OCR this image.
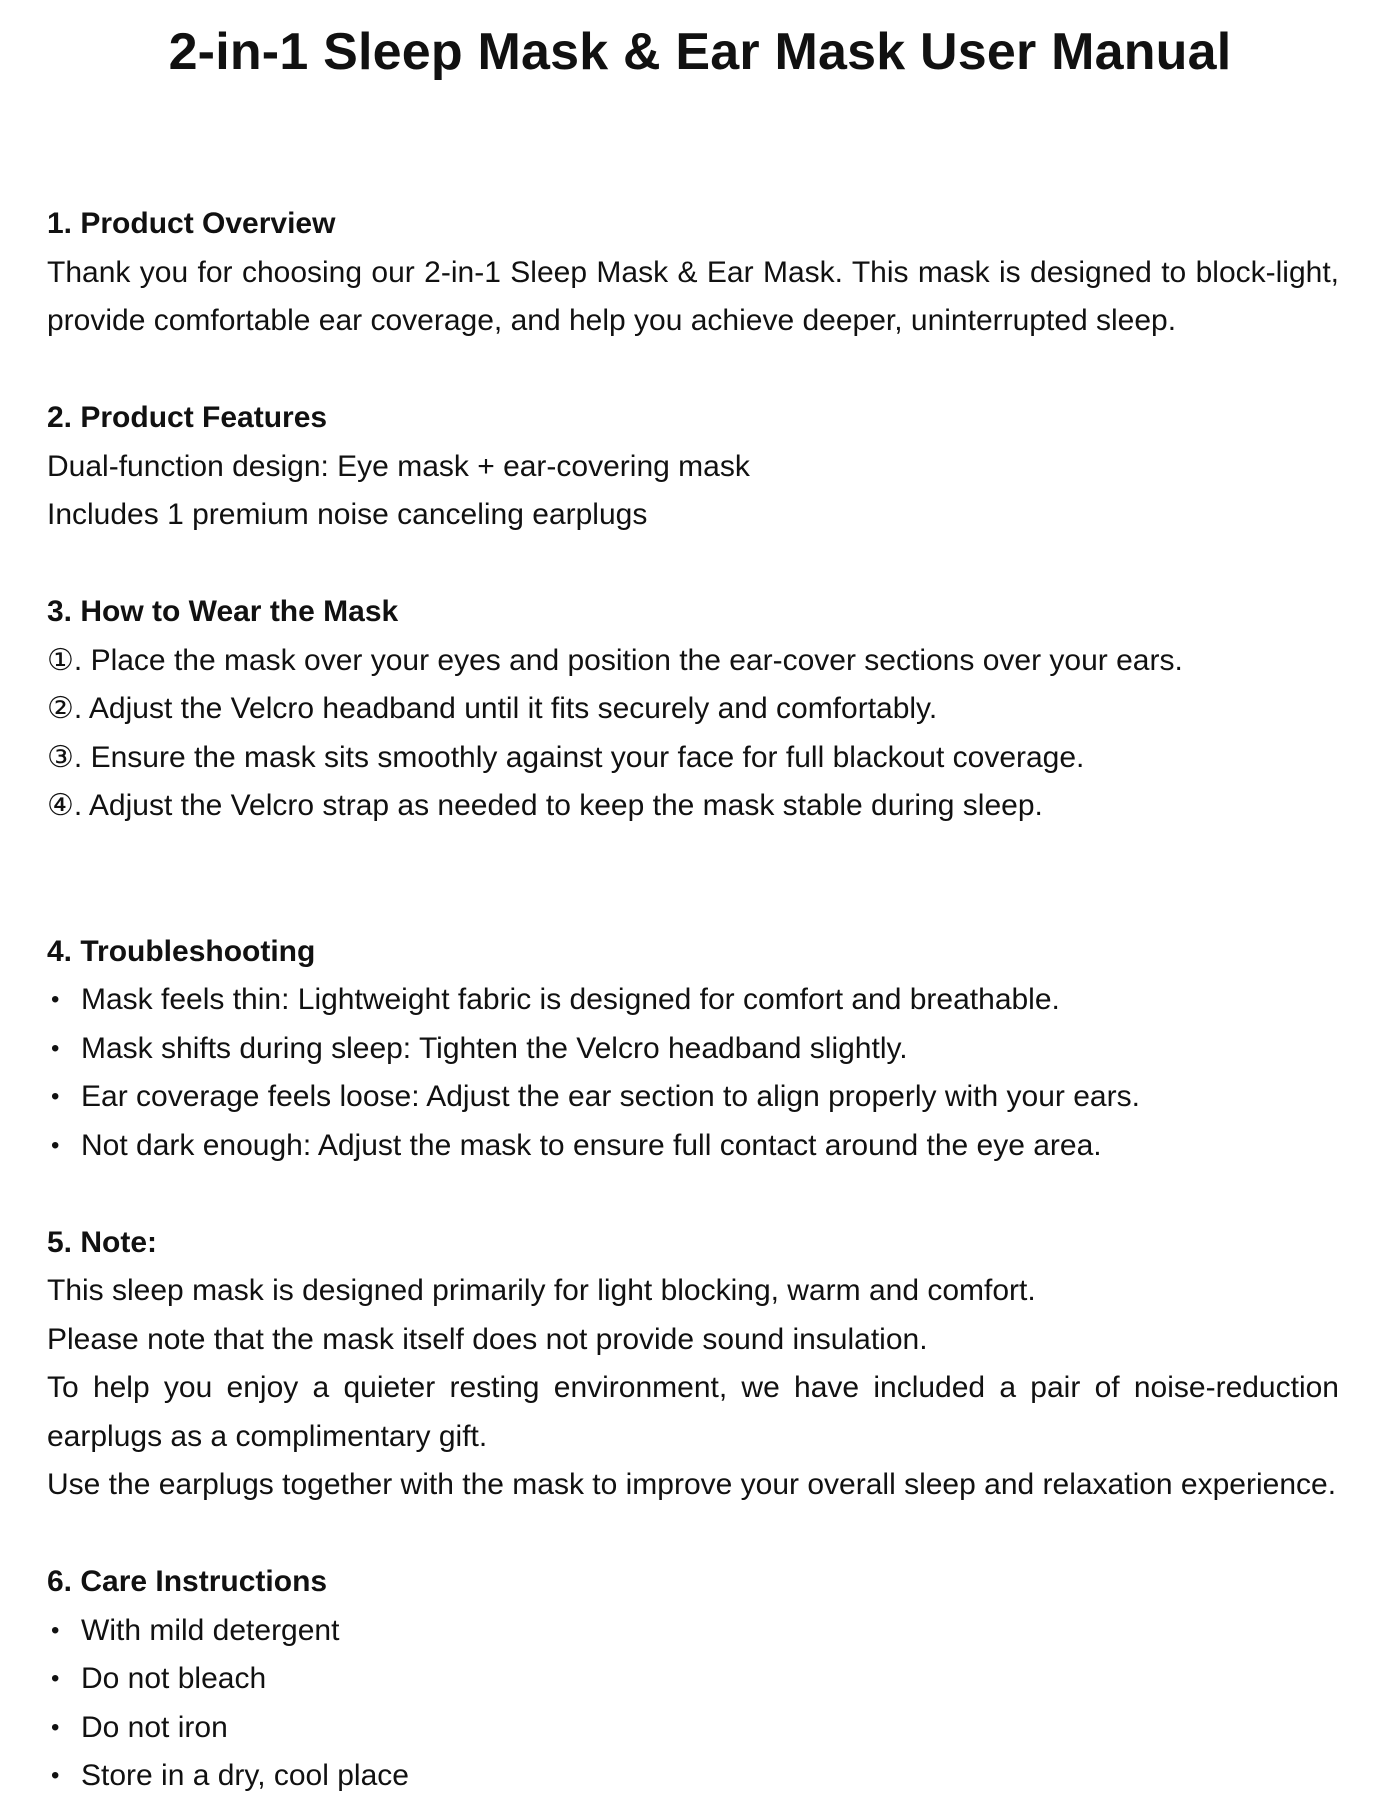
2-in-1 Sleep Mask & Ear Mask User Manual

1. Product Overview

Thank you for choosing our 2-in-1 Sleep Mask & Ear Mask. This mask is designed to block-light, provide comfortable ear coverage, and help you achieve deeper, uninterrupted sleep.

2. Product Features

Dual-function design: Eye mask + ear-covering mask

Includes 1 premium noise canceling earplugs

3. How to Wear the Mask

① . Place the mask over your eyes and position the ear-cover sections over your ears.

② . Adjust the Velcro headband until it fits securely and comfortably.

③ . Ensure the mask sits smoothly against your face for full blackout coverage.

④ . Adjust the Velcro strap as needed to keep the mask stable during sleep.

4. Troubleshooting

• Mask feels thin: Lightweight fabric is designed for comfort and breathable.
• Mask shifts during sleep: Tighten the Velcro headband slightly.
• Ear coverage feels loose: Adjust the ear section to align properly with your ears.
• Not dark enough: Adjust the mask to ensure full contact around the eye area.

5. Note:

This sleep mask is designed primarily for light blocking, warm and comfort.

Please note that the mask itself does not provide sound insulation.

To help you enjoy a quieter resting environment, we have included a pair of noise-reduction earplugs as a complimentary gift.

Use the earplugs together with the mask to improve your overall sleep and relaxation experience.

6. Care Instructions

• With mild detergent
• Do not bleach
• Do not iron
• Store in a dry, cool place
